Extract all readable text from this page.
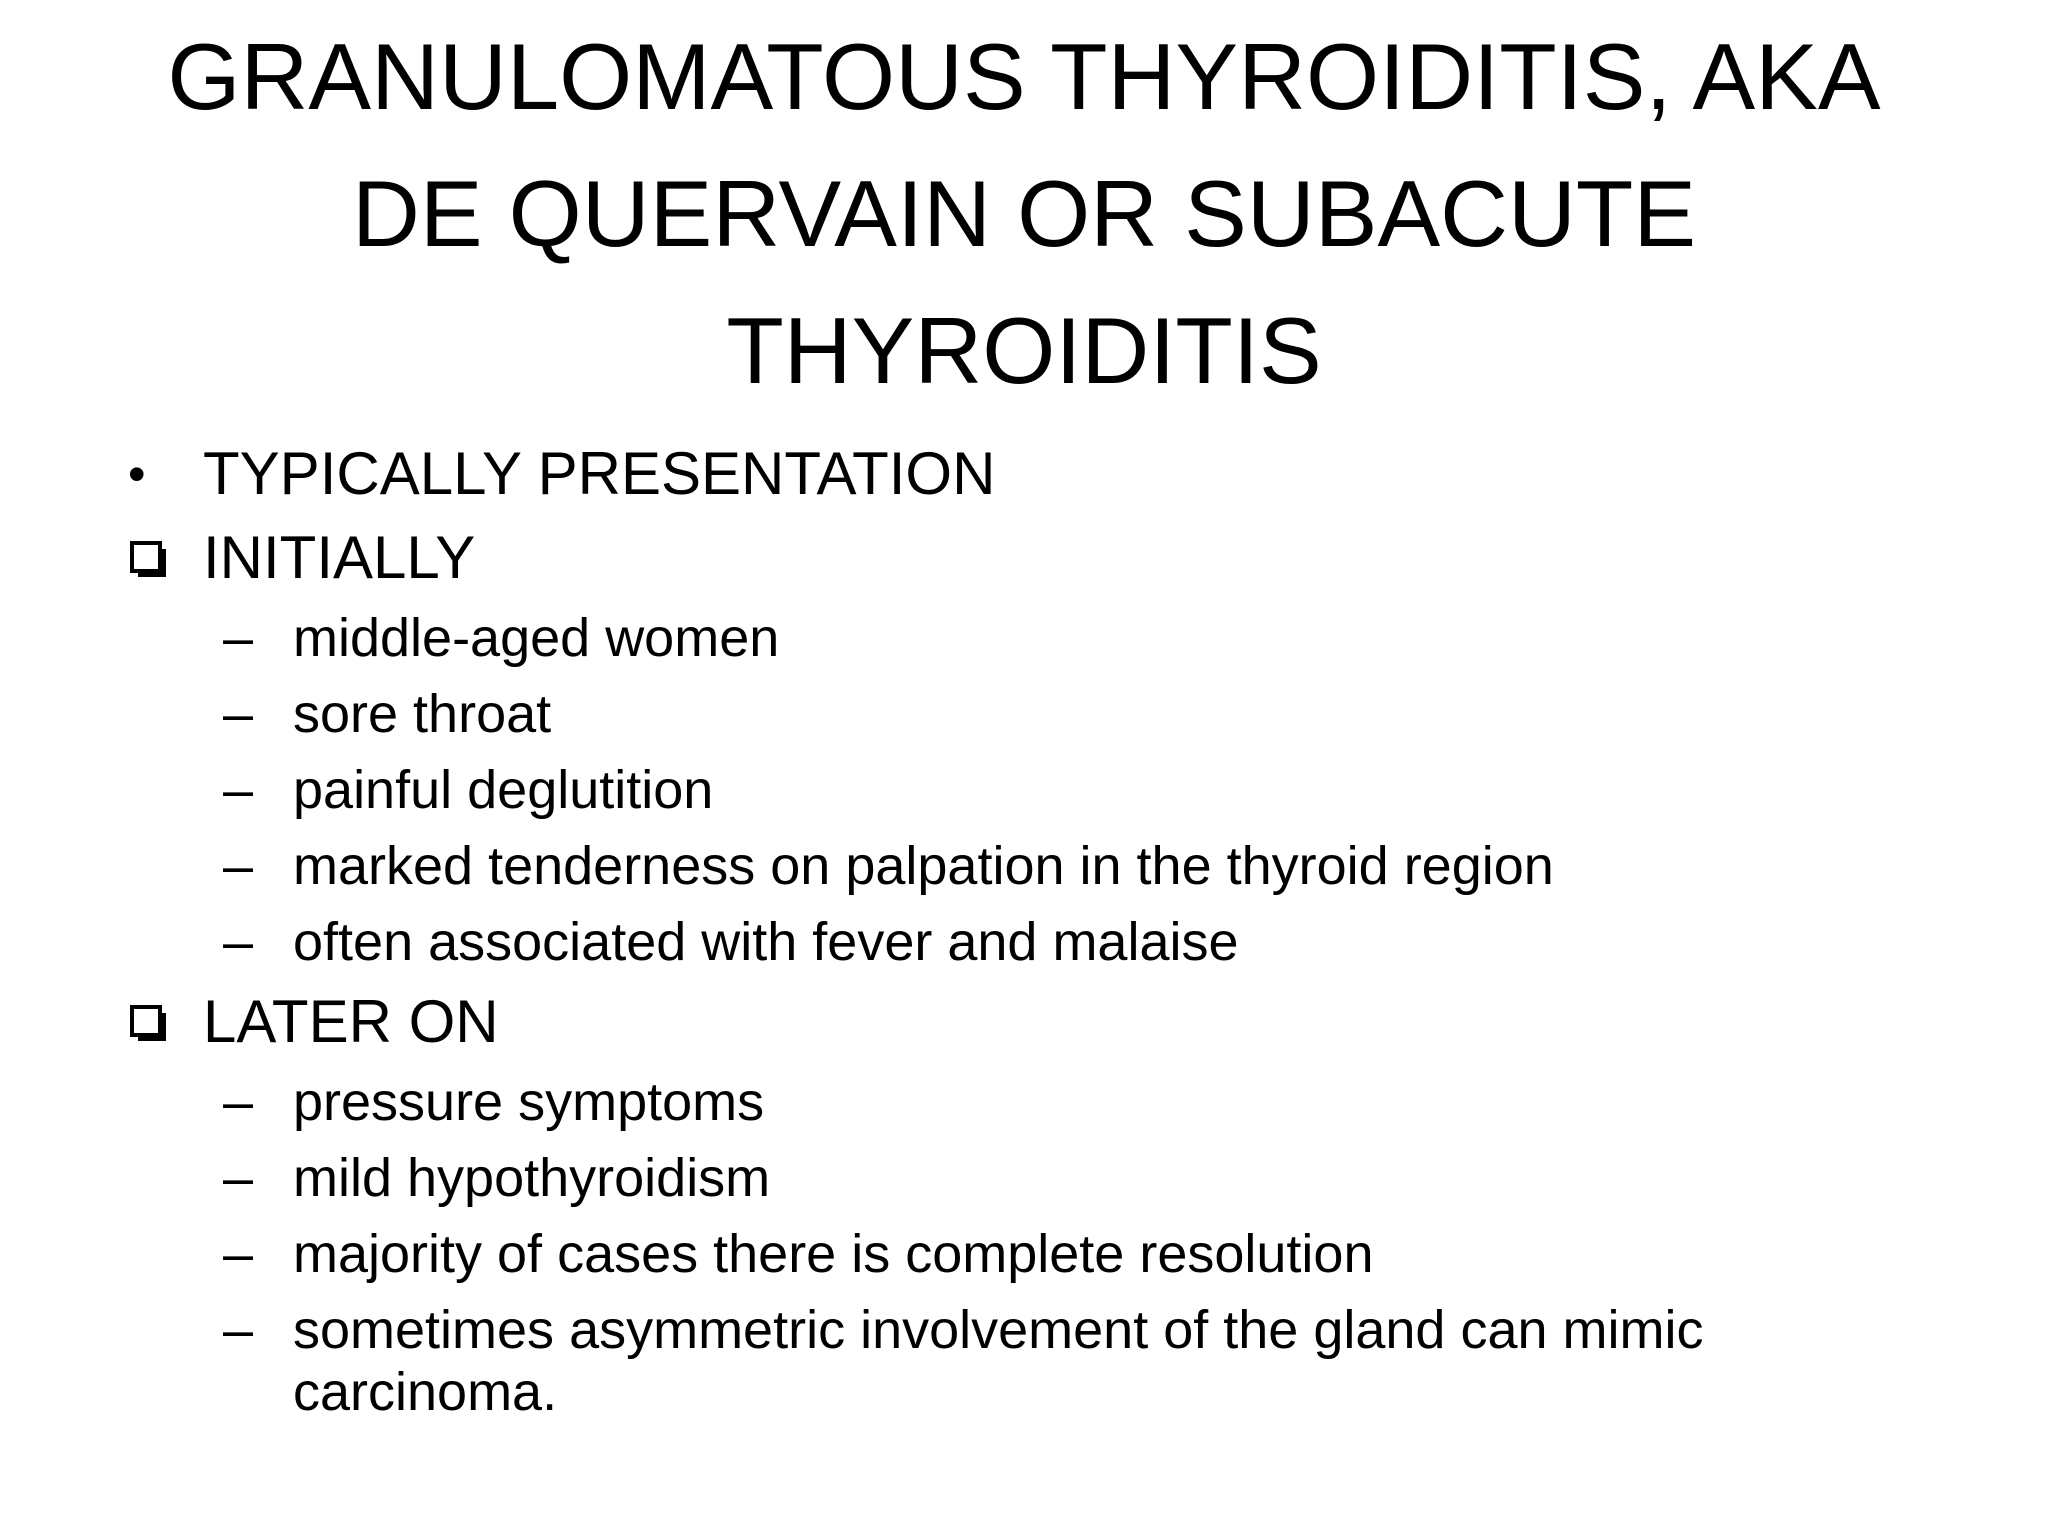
GRANULOMATOUS THYROIDITIS, AKA
DE QUERVAIN OR SUBACUTE
THYROIDITIS
• TYPICALLY PRESENTATION
INITIALLY
– middle-aged women
– sore throat
– painful deglutition
– marked tenderness on palpation in the thyroid region
– often associated with fever and malaise
LATER ON
– pressure symptoms
– mild hypothyroidism
– majority of cases there is complete resolution
– sometimes asymmetric involvement of the gland can mimic carcinoma.
